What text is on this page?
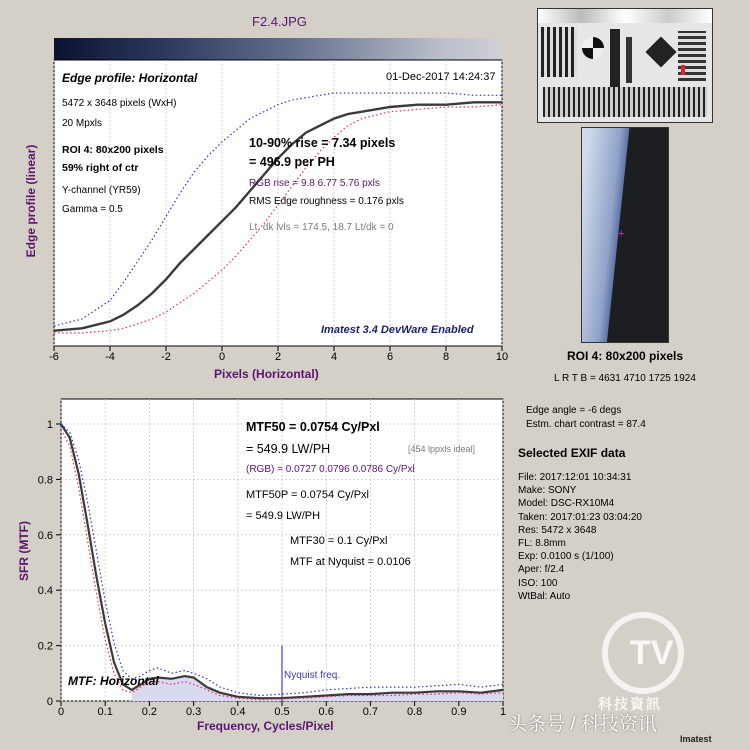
F2.4.JPG
-6	-4	-2	0	2	4	6	8	10
0	0.1	0.2	0.3	0.4	0.5	0.6	0.7	0.8	0.9	1
0
0.2
0.4
0.6
0.8
1
Edge profile: Horizontal	01-Dec-2017 14:24:37
5472 x 3648 pixels (WxH)
20 Mpxls
ROI 4: 80x200 pixels
59% right of ctr
Y-channel (YR59)
Gamma = 0.5
10-90% rise = 7.34 pixels
= 496.9 per PH
RGB rise = 9.8 6.77 5.76 pxls
RMS Edge roughness = 0.176 pxls
Lt, dk lvls = 174.5, 18.7 Lt/dk = 0
Imatest 3.4 DevWare Enabled
Edge profile (linear)
Pixels (Horizontal)
MTF50 = 0.0754 Cy/Pxl
= 549.9 LW/PH	[454 lppxls ideal]
(RGB) = 0.0727 0.0796 0.0786 Cy/Pxl
MTF50P = 0.0754 Cy/Pxl
= 549.9 LW/PH
MTF30 = 0.1 Cy/Pxl
MTF at Nyquist = 0.0106
Nyquist freq.
MTF: Horizontal
SFR (MTF)
Frequency, Cycles/Pixel
+
ROI 4: 80x200 pixels
L R T B = 4631 4710 1725 1924
Edge angle = -6 degs
Estm. chart contrast = 87.4
Selected EXIF data
File: 2017:12:01 10:34:31
Make: SONY
Model: DSC-RX10M4
Taken: 2017:01:23 03:04:20
Res: 5472 x 3648
FL: 8.8mm
Exp: 0.0100 s (1/100)
Aper: f/2.4
ISO: 100
WtBal: Auto
TV
科技資訊
Imatest
头条号 / 科技资讯
